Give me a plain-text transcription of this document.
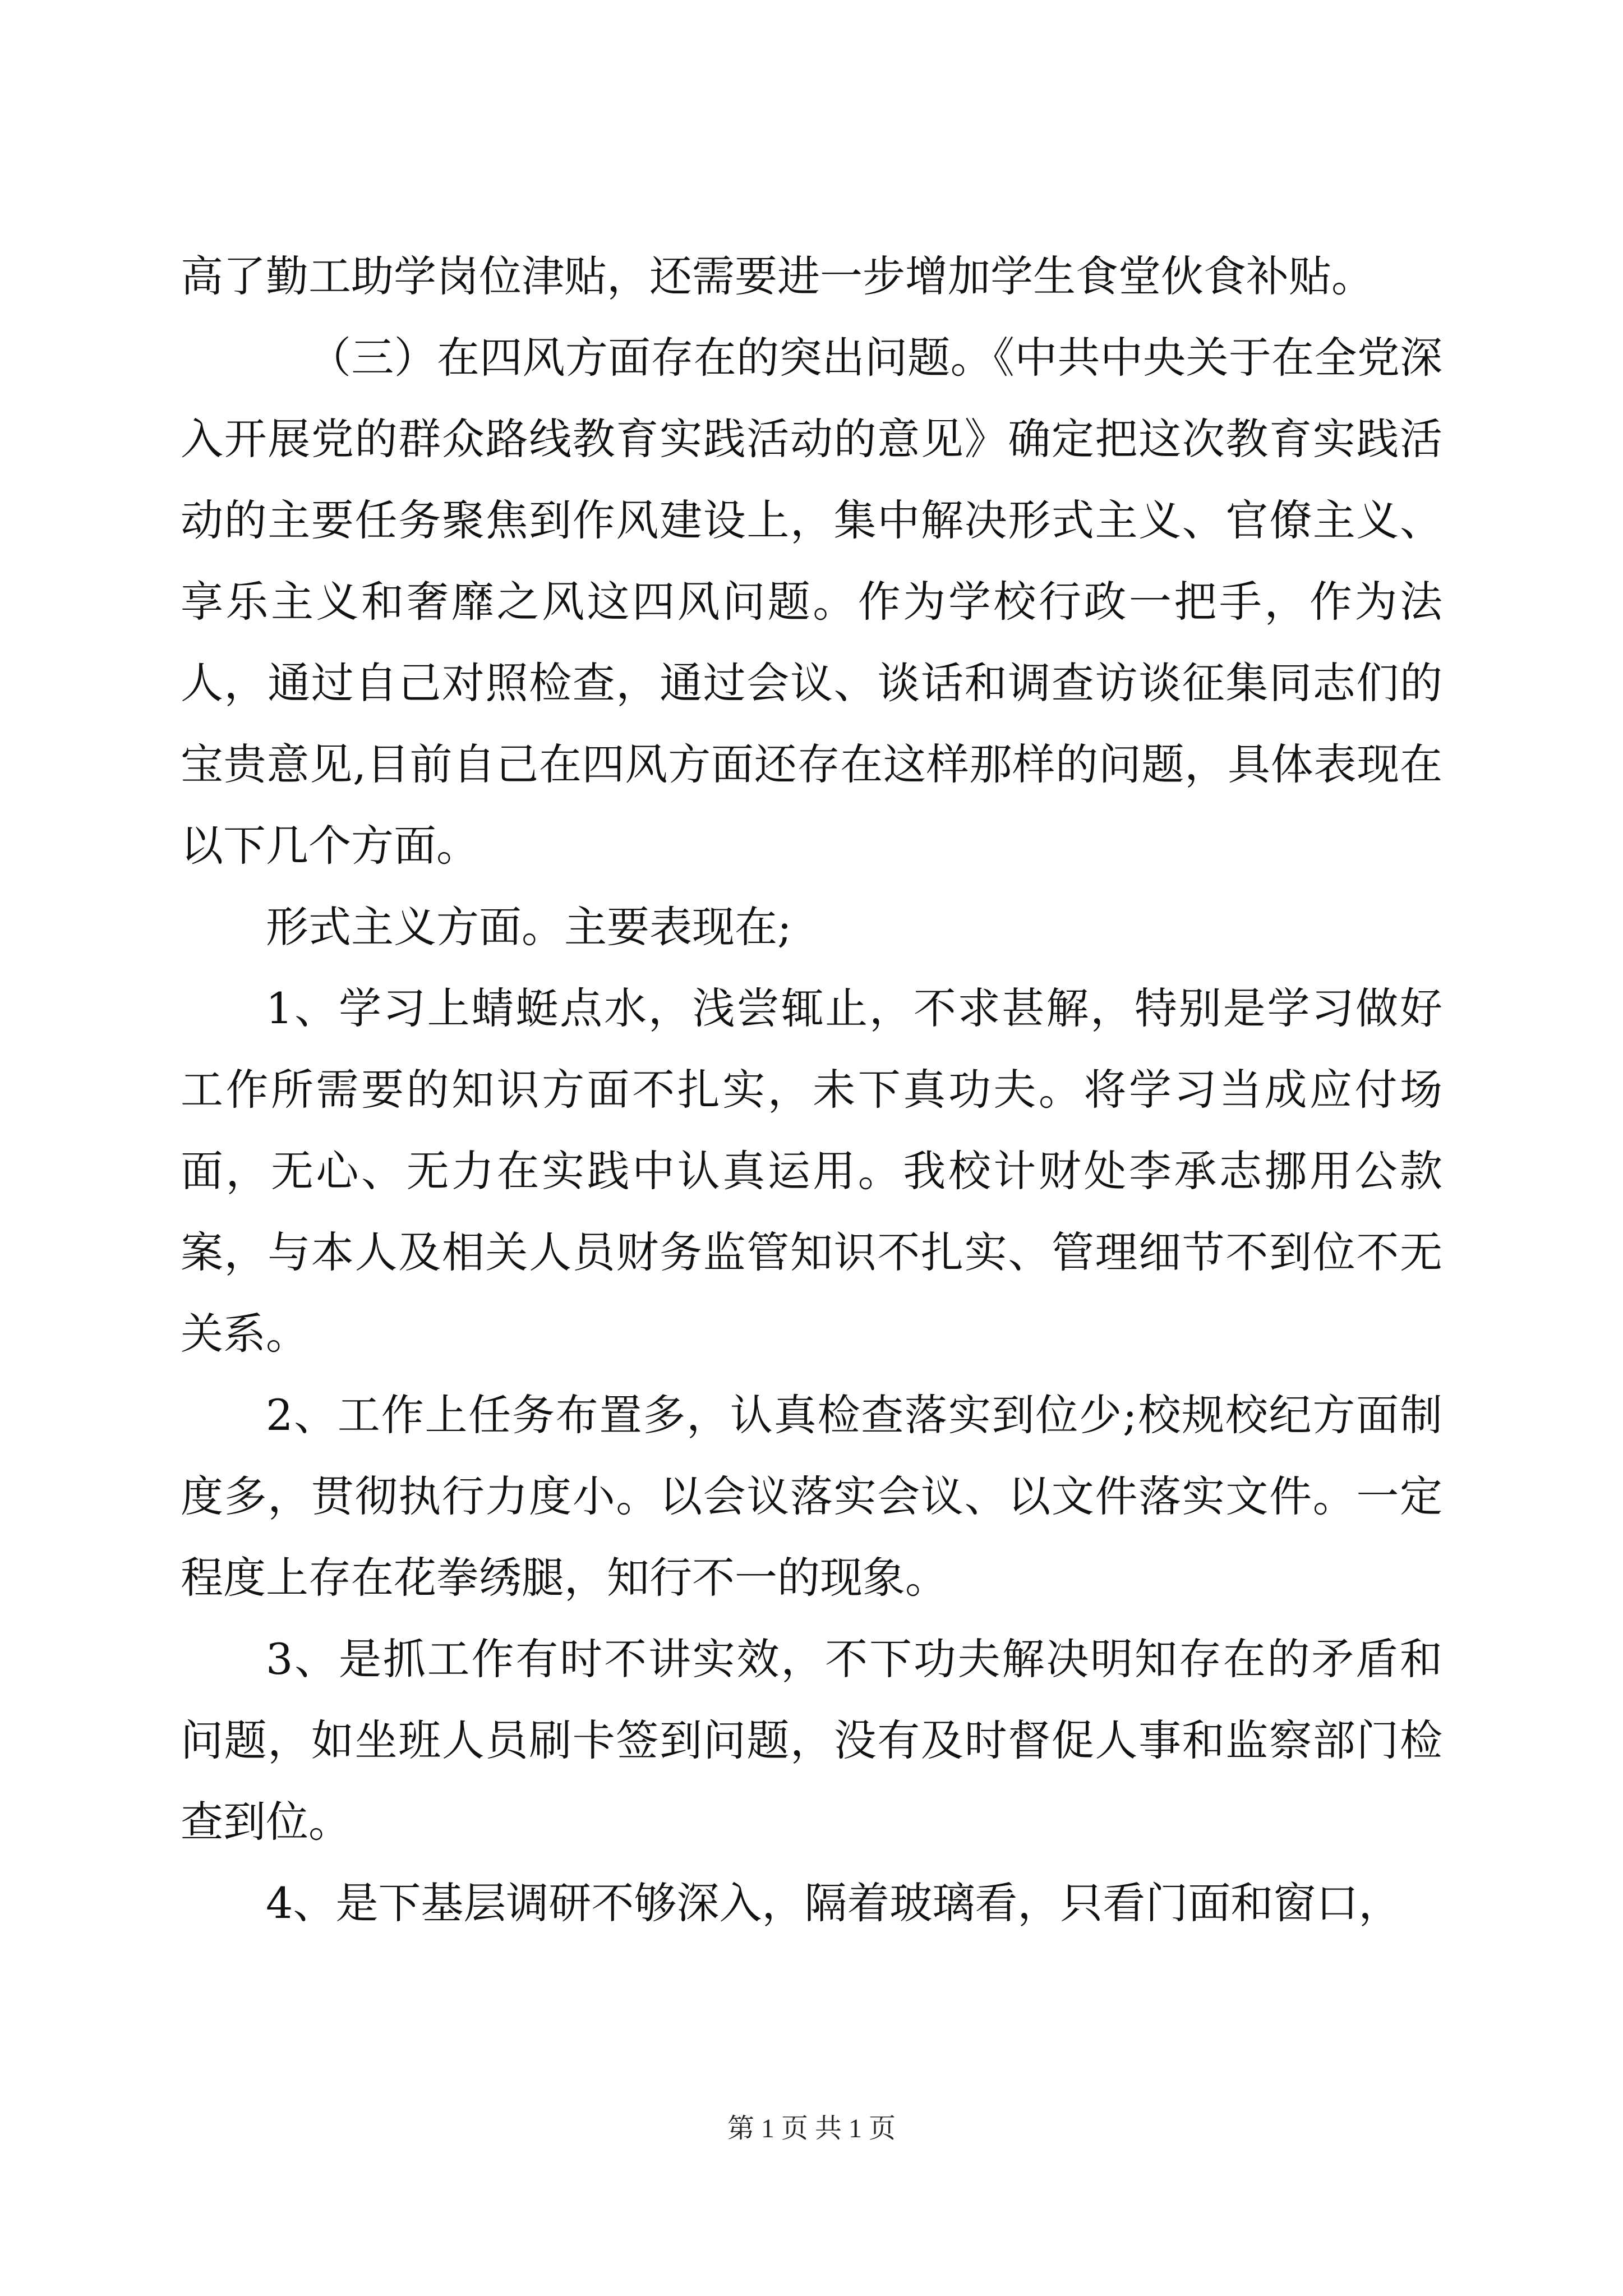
高了勤工助学岗位津贴，还需要进一步增加学生食堂伙食补贴。

（三）在四风方面存在的突出问题。《中共中央关于在全党深入开展党的群众路线教育实践活动的意见》确定把这次教育实践活动的主要任务聚焦到作风建设上，集中解决形式主义、官僚主义、享乐主义和奢靡之风这四风问题。作为学校行政一把手，作为法人，通过自己对照检查，通过会议、谈话和调查访谈征集同志们的宝贵意见,目前自己在四风方面还存在这样那样的问题，具体表现在以下几个方面。

形式主义方面。主要表现在;

1、学习上蜻蜓点水，浅尝辄止，不求甚解，特别是学习做好工作所需要的知识方面不扎实，未下真功夫。将学习当成应付场面，无心、无力在实践中认真运用。我校计财处李承志挪用公款案，与本人及相关人员财务监管知识不扎实、管理细节不到位不无关系。

2、工作上任务布置多，认真检查落实到位少;校规校纪方面制度多，贯彻执行力度小。以会议落实会议、以文件落实文件。一定程度上存在花拳绣腿，知行不一的现象。

3、是抓工作有时不讲实效，不下功夫解决明知存在的矛盾和问题，如坐班人员刷卡签到问题，没有及时督促人事和监察部门检查到位。

4、是下基层调研不够深入，隔着玻璃看，只看门面和窗口，

第 1 页 共 1 页
